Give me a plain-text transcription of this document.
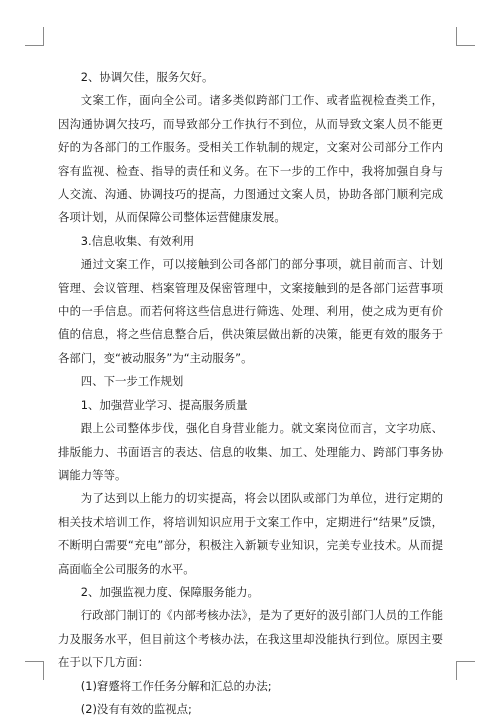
2、协调欠佳，服务欠好。

文案工作，面向全公司。诸多类似跨部门工作、或者监视检查类工作，因沟通协调欠技巧，而导致部分工作执行不到位，从而导致文案人员不能更好的为各部门的工作服务。受相关工作轨制的规定，文案对公司部分工作内容有监视、检查、指导的责任和义务。在下一步的工作中，我将加强自身与人交流、沟通、协调技巧的提高，力图通过文案人员，协助各部门顺利完成各项计划，从而保障公司整体运营健康发展。

3.信息收集、有效利用

通过文案工作，可以接触到公司各部门的部分事项，就目前而言、计划管理、会议管理、档案管理及保密管理中，文案接触到的是各部门运营事项中的一手信息。而若何将这些信息进行筛选、处理、利用，使之成为更有价值的信息，将之些信息整合后，供决策层做出新的决策，能更有效的服务于各部门，变“被动服务”为“主动服务”。

四、下一步工作规划

1、加强营业学习、提高服务质量

跟上公司整体步伐，强化自身营业能力。就文案岗位而言，文字功底、排版能力、书面语言的表达、信息的收集、加工、处理能力、跨部门事务协调能力等等。

为了达到以上能力的切实提高，将会以团队或部门为单位，进行定期的相关技术培训工作，将培训知识应用于文案工作中，定期进行“结果”反馈，不断明白需要“充电”部分，积极注入新颖专业知识，完美专业技术。从而提高面临全公司服务的水平。

2、加强监视力度、保障服务能力。

行政部门制订的《内部考核办法》，是为了更好的汲引部门人员的工作能力及服务水平，但目前这个考核办法，在我这里却没能执行到位。原因主要在于以下几方面：

(1)窘蹙将工作任务分解和汇总的办法;

(2)没有有效的监视点;
